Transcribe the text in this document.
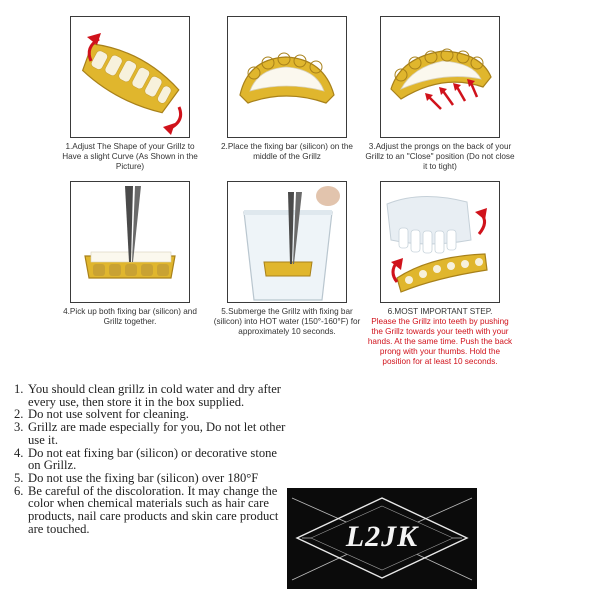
1.Adjust The Shape of your Grillz to Have a slight Curve (As Shown in the Picture)
2.Place the fixing bar (silicon) on the middle of the Grillz
3.Adjust the prongs on the back of your Grillz to an "Close" position (Do not close it to tight)
4.Pick up both fixing bar (silicon) and Grillz together.
5.Submerge the Grillz with fixing bar (silicon) into HOT water (150°-160°F) for approximately 10 seconds.
6.MOST IMPORTANT STEP.
Please the Grillz into teeth by pushing the Grillz towards your teeth with your hands. At the same time. Push the back prong with your thumbs. Hold the position for at least 10 seconds.
1. You should clean grillz in cold water and dry after every use, then store it in the box supplied.
2. Do not use solvent for cleaning.
3. Grillz are made especially for you, Do not let other use it.
4. Do not eat fixing bar (silicon) or decorative stone on Grillz.
5. Do not use the fixing bar (silicon) over 180°F
6. Be careful of the discoloration. It may change the color when chemical materials such as hair care products, nail care products and skin care product are touched.	L2JK
